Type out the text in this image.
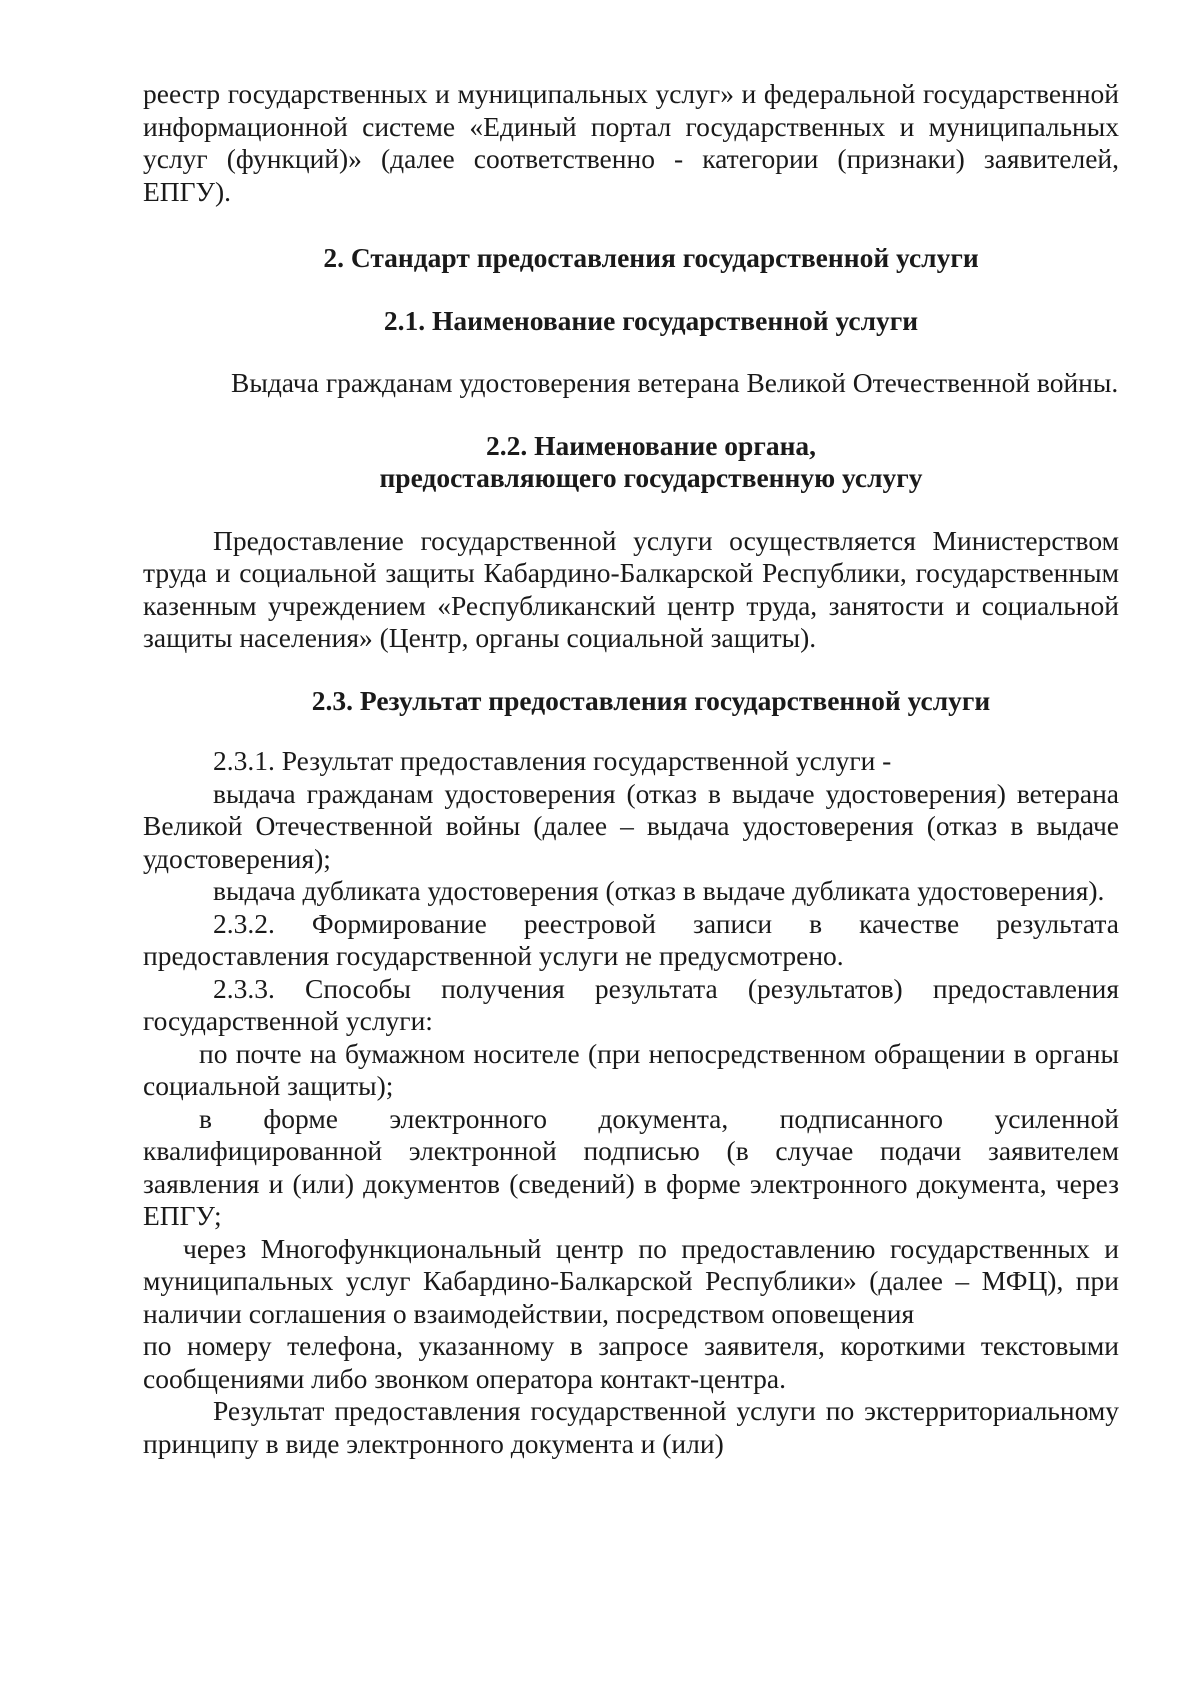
реестр государственных и муниципальных услуг» и федеральной государственной информационной системе «Единый портал государственных и муниципальных услуг (функций)» (далее соответственно - категории (признаки) заявителей, ЕПГУ).

2. Стандарт предоставления государственной услуги
2.1. Наименование государственной услуги

Выдача гражданам удостоверения ветерана Великой Отечественной войны.

2.2. Наименование органа,
предоставляющего государственную услугу

Предоставление государственной услуги осуществляется Министерством труда и социальной защиты Кабардино-Балкарской Республики, государственным казенным учреждением «Республиканский центр труда, занятости и социальной защиты населения» (Центр, органы социальной защиты).

2.3. Результат предоставления государственной услуги

2.3.1. Результат предоставления государственной услуги -

выдача гражданам удостоверения (отказ в выдаче удостоверения) ветерана Великой Отечественной войны (далее – выдача удостоверения (отказ в выдаче удостоверения);

выдача дубликата удостоверения (отказ в выдаче дубликата удостоверения).

2.3.2. Формирование реестровой записи в качестве результата предоставления государственной услуги не предусмотрено.

2.3.3. Способы получения результата (результатов) предоставления государственной услуги:

по почте на бумажном носителе (при непосредственном обращении в органы социальной защиты);

в форме электронного документа, подписанного усиленной квалифицированной электронной подписью (в случае подачи заявителем заявления и (или) документов (сведений) в форме электронного документа, через ЕПГУ;

через Многофункциональный центр по предоставлению государственных и муниципальных услуг Кабардино-Балкарской Республики» (далее – МФЦ), при наличии соглашения о взаимодействии, посредством оповещения

по номеру телефона, указанному в запросе заявителя, короткими текстовыми сообщениями либо звонком оператора контакт-центра.

Результат предоставления государственной услуги по экстерриториальному принципу в виде электронного документа и (или)
